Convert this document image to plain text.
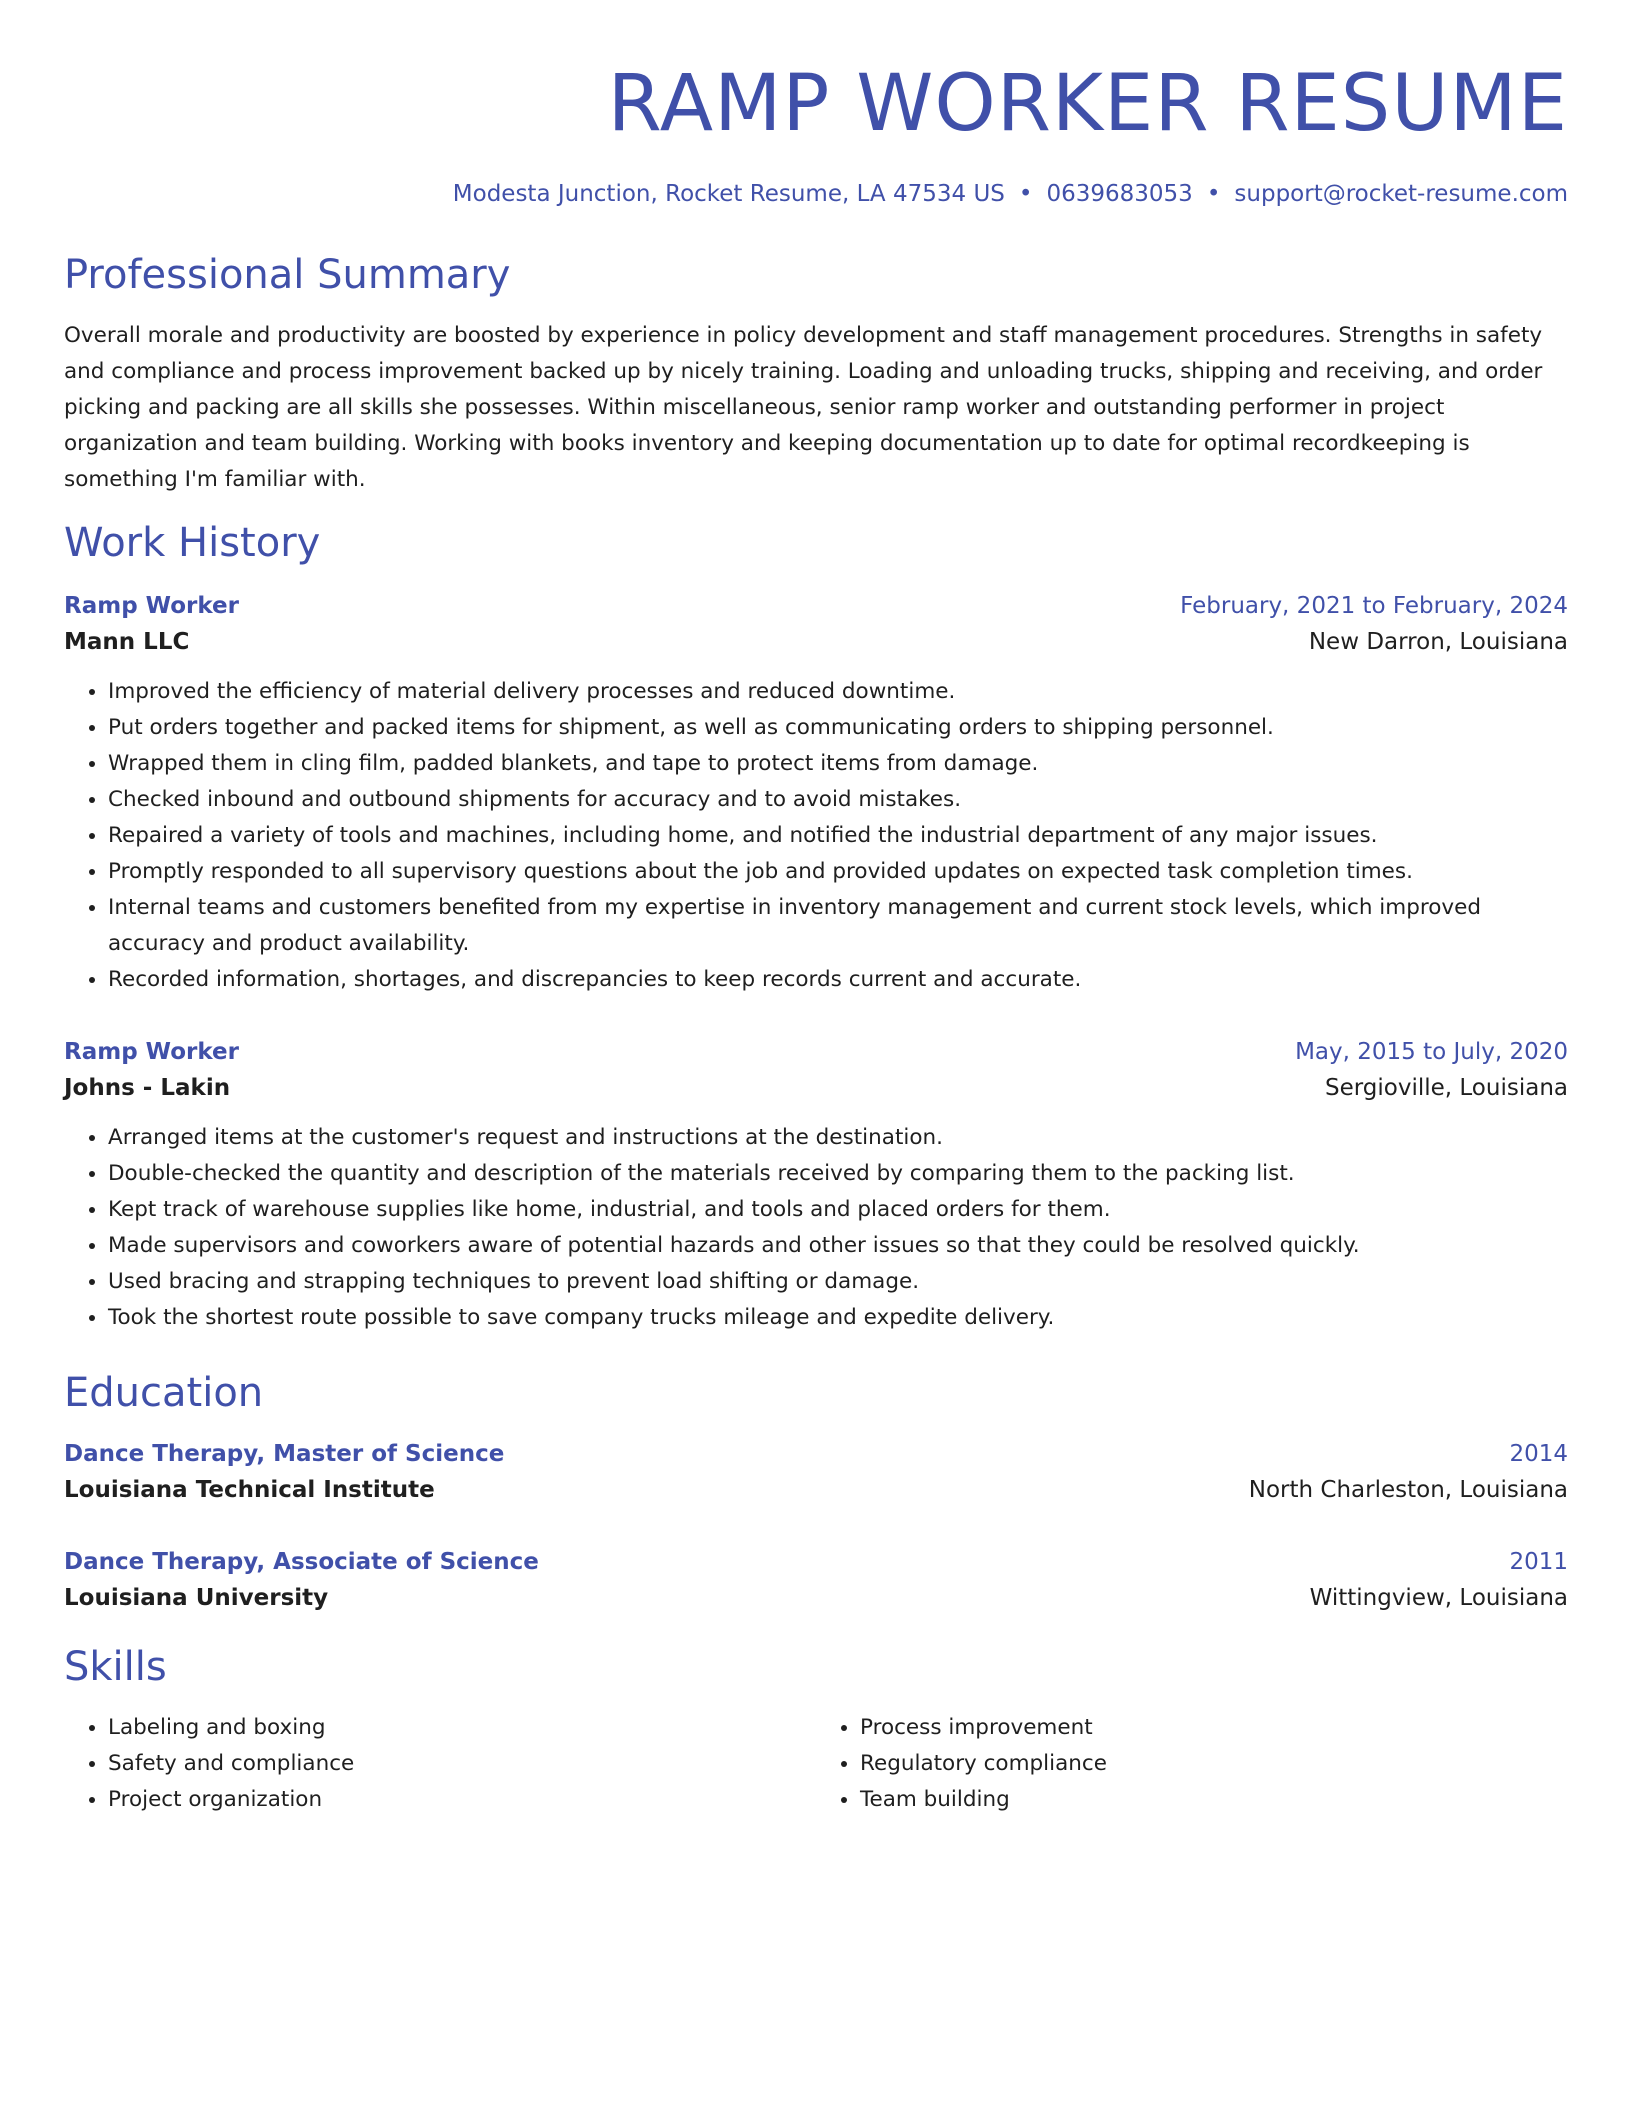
RAMP WORKER RESUME
Modesta Junction, Rocket Resume, LA 47534 US • 0639683053 • support@rocket-resume.com
Professional Summary
Overall morale and productivity are boosted by experience in policy development and staff management procedures. Strengths in safety and compliance and process improvement backed up by nicely training. Loading and unloading trucks, shipping and receiving, and order picking and packing are all skills she possesses. Within miscellaneous, senior ramp worker and outstanding performer in project organization and team building. Working with books inventory and keeping documentation up to date for optimal recordkeeping is something I'm familiar with.
Work History
Ramp Worker	February, 2021 to February, 2024
Mann LLC	New Darron, Louisiana
• Improved the efficiency of material delivery processes and reduced downtime.
• Put orders together and packed items for shipment, as well as communicating orders to shipping personnel.
• Wrapped them in cling film, padded blankets, and tape to protect items from damage.
• Checked inbound and outbound shipments for accuracy and to avoid mistakes.
• Repaired a variety of tools and machines, including home, and notified the industrial department of any major issues.
• Promptly responded to all supervisory questions about the job and provided updates on expected task completion times.
• Internal teams and customers benefited from my expertise in inventory management and current stock levels, which improved accuracy and product availability.
• Recorded information, shortages, and discrepancies to keep records current and accurate.
Ramp Worker	May, 2015 to July, 2020
Johns - Lakin	Sergioville, Louisiana
• Arranged items at the customer's request and instructions at the destination.
• Double-checked the quantity and description of the materials received by comparing them to the packing list.
• Kept track of warehouse supplies like home, industrial, and tools and placed orders for them.
• Made supervisors and coworkers aware of potential hazards and other issues so that they could be resolved quickly.
• Used bracing and strapping techniques to prevent load shifting or damage.
• Took the shortest route possible to save company trucks mileage and expedite delivery.
Education
Dance Therapy, Master of Science	2014
Louisiana Technical Institute	North Charleston, Louisiana
Dance Therapy, Associate of Science	2011
Louisiana University	Wittingview, Louisiana
Skills
• Labeling and boxing
• Safety and compliance
• Project organization
• Process improvement
• Regulatory compliance
• Team building
